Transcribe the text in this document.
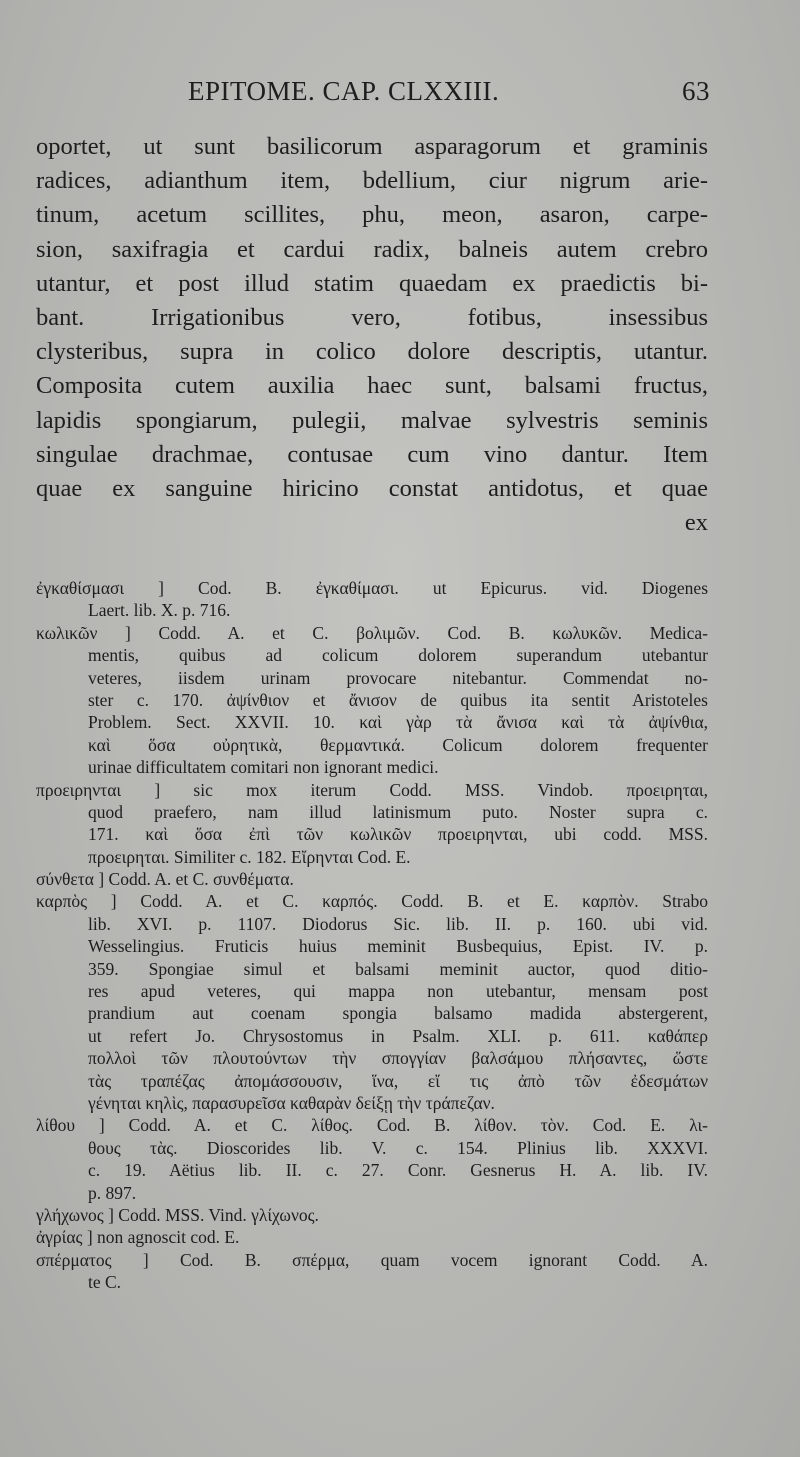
EPITOME. CAP. CLXXIII.	63
oportet, ut sunt basilicorum asparagorum et graminis
radices, adianthum item, bdellium, ciur nigrum arie-
tinum, acetum scillites, phu, meon, asaron, carpe-
sion, saxifragia et cardui radix, balneis autem crebro
utantur, et post illud statim quaedam ex praedictis bi-
bant. Irrigationibus vero, fotibus, insessibus
clysteribus, supra in colico dolore descriptis, utantur.
Composita cutem auxilia haec sunt, balsami fructus,
lapidis spongiarum, pulegii, malvae sylvestris seminis
singulae drachmae, contusae cum vino dantur. Item
quae ex sanguine hiricino constat antidotus, et quae
ex
ἐγκαθίσμασι ] Cod. B. ἐγκαθίμασι. ut Epicurus. vid. Diogenes
Laert. lib. X. p. 716.
κωλικῶν ] Codd. A. et C. βολιμῶν. Cod. B. κωλυκῶν. Medica-
mentis, quibus ad colicum dolorem superandum utebantur
veteres, iisdem urinam provocare nitebantur. Commendat no-
ster c. 170. ἀψίνθιον et ἄνισον de quibus ita sentit Aristoteles
Problem. Sect. XXVII. 10. καὶ γὰρ τὰ ἄνισα καὶ τὰ ἀψίνθια,
καὶ ὅσα οὐρητικὰ, θερμαντικά. Colicum dolorem frequenter
urinae difficultatem comitari non ignorant medici.
προειρηνται ] sic mox iterum Codd. MSS. Vindob. προειρηται,
quod praefero, nam illud latinismum puto. Noster supra c.
171. καὶ ὅσα ἐπὶ τῶν κωλικῶν προειρηνται, ubi codd. MSS.
προειρηται. Similiter c. 182. Εἴρηνται Cod. E.
σύνθετα ] Codd. A. et C. συνθέματα.
καρπὸς ] Codd. A. et C. καρπός. Codd. B. et E. καρπὸν. Strabo
lib. XVI. p. 1107. Diodorus Sic. lib. II. p. 160. ubi vid.
Wesselingius. Fruticis huius meminit Busbequius, Epist. IV. p.
359. Spongiae simul et balsami meminit auctor, quod ditio-
res apud veteres, qui mappa non utebantur, mensam post
prandium aut coenam spongia balsamo madida abstergerent,
ut refert Jo. Chrysostomus in Psalm. XLI. p. 611. καθάπερ
πολλοὶ τῶν πλουτούντων τὴν σπογγίαν βαλσάμου πλήσαντες, ὥστε
τὰς τραπέζας ἀπομάσσουσιν, ἵνα, εἴ τις ἀπὸ τῶν ἐδεσμάτων
γένηται κηλὶς, παρασυρεῖσα καθαρὰν δείξῃ τὴν τράπεζαν.
λίθου ] Codd. A. et C. λίθος. Cod. B. λίθον. τὸν. Cod. E. λι-
θους τὰς. Dioscorides lib. V. c. 154. Plinius lib. XXXVI.
c. 19. Aëtius lib. II. c. 27. Conr. Gesnerus H. A. lib. IV.
p. 897.
γλήχωνος ] Codd. MSS. Vind. γλίχωνος.
ἀγρίας ] non agnoscit cod. E.
σπέρματος ] Cod. B. σπέρμα, quam vocem ignorant Codd. A.
te C.
